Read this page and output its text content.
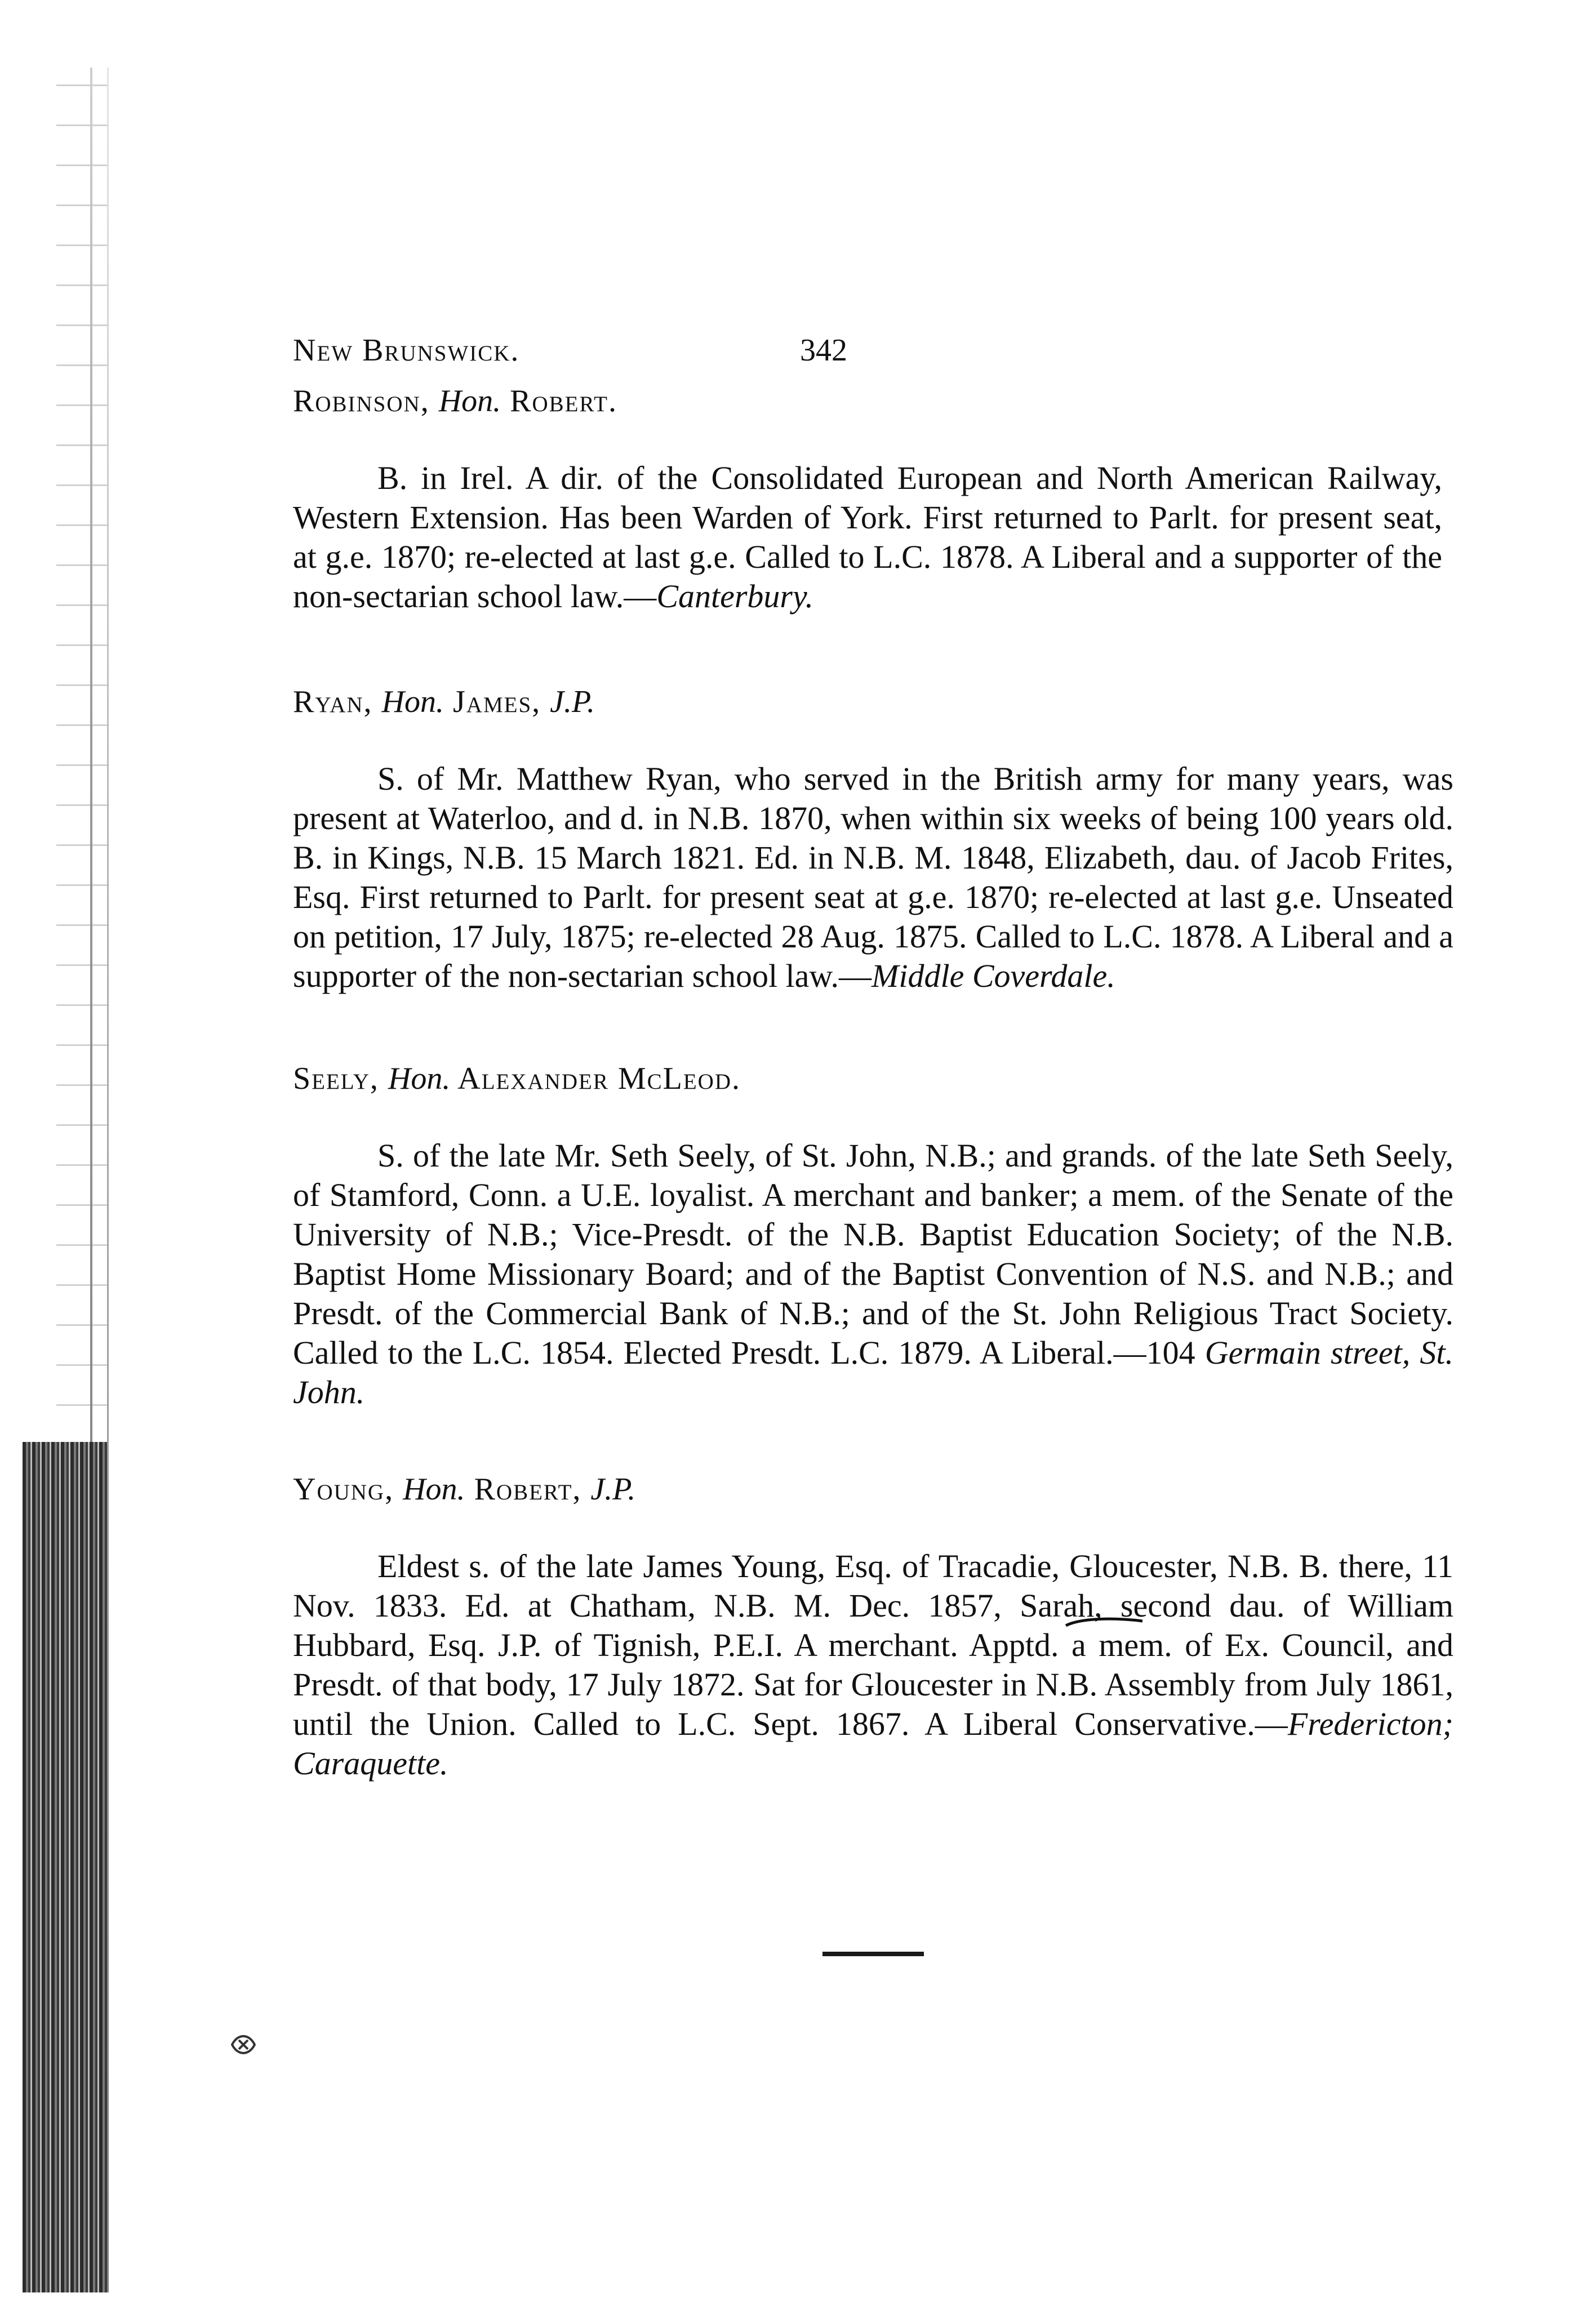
New Brunswick.	342

Robinson, Hon. Robert.

B. in Irel. A dir. of the Consolidated European and North American Railway, Western Extension. Has been Warden of York. First returned to Parlt. for present seat, at g.e. 1870; re-elected at last g.e. Called to L.C. 1878. A Liberal and a supporter of the non-sectarian school law.—Canterbury.

Ryan, Hon. James, J.P.

S. of Mr. Matthew Ryan, who served in the British army for many years, was present at Waterloo, and d. in N.B. 1870, when within six weeks of being 100 years old. B. in Kings, N.B. 15 March 1821. Ed. in N.B. M. 1848, Elizabeth, dau. of Jacob Frites, Esq. First returned to Parlt. for present seat at g.e. 1870; re-elected at last g.e. Unseated on petition, 17 July, 1875; re-elected 28 Aug. 1875. Called to L.C. 1878. A Liberal and a supporter of the non-sectarian school law.—Middle Coverdale.

Seely, Hon. Alexander McLeod.

S. of the late Mr. Seth Seely, of St. John, N.B.; and grands. of the late Seth Seely, of Stamford, Conn. a U.E. loyalist. A merchant and banker; a mem. of the Senate of the University of N.B.; Vice-Presdt. of the N.B. Baptist Education Society; of the N.B. Baptist Home Missionary Board; and of the Baptist Convention of N.S. and N.B.; and Presdt. of the Commercial Bank of N.B.; and of the St. John Religious Tract Society. Called to the L.C. 1854. Elected Presdt. L.C. 1879. A Liberal.—104 Germain street, St. John.

Young, Hon. Robert, J.P.

Eldest s. of the late James Young, Esq. of Tracadie, Gloucester, N.B. B. there, 11 Nov. 1833. Ed. at Chatham, N.B. M. Dec. 1857, Sarah, second dau. of William Hubbard, Esq. J.P. of Tignish, P.E.I. A merchant. Apptd. a mem. of Ex. Council, and Presdt. of that body, 17 July 1872. Sat for Gloucester in N.B. Assembly from July 1861, until the Union. Called to L.C. Sept. 1867. A Liberal Conservative.—Fredericton; Caraquette.
